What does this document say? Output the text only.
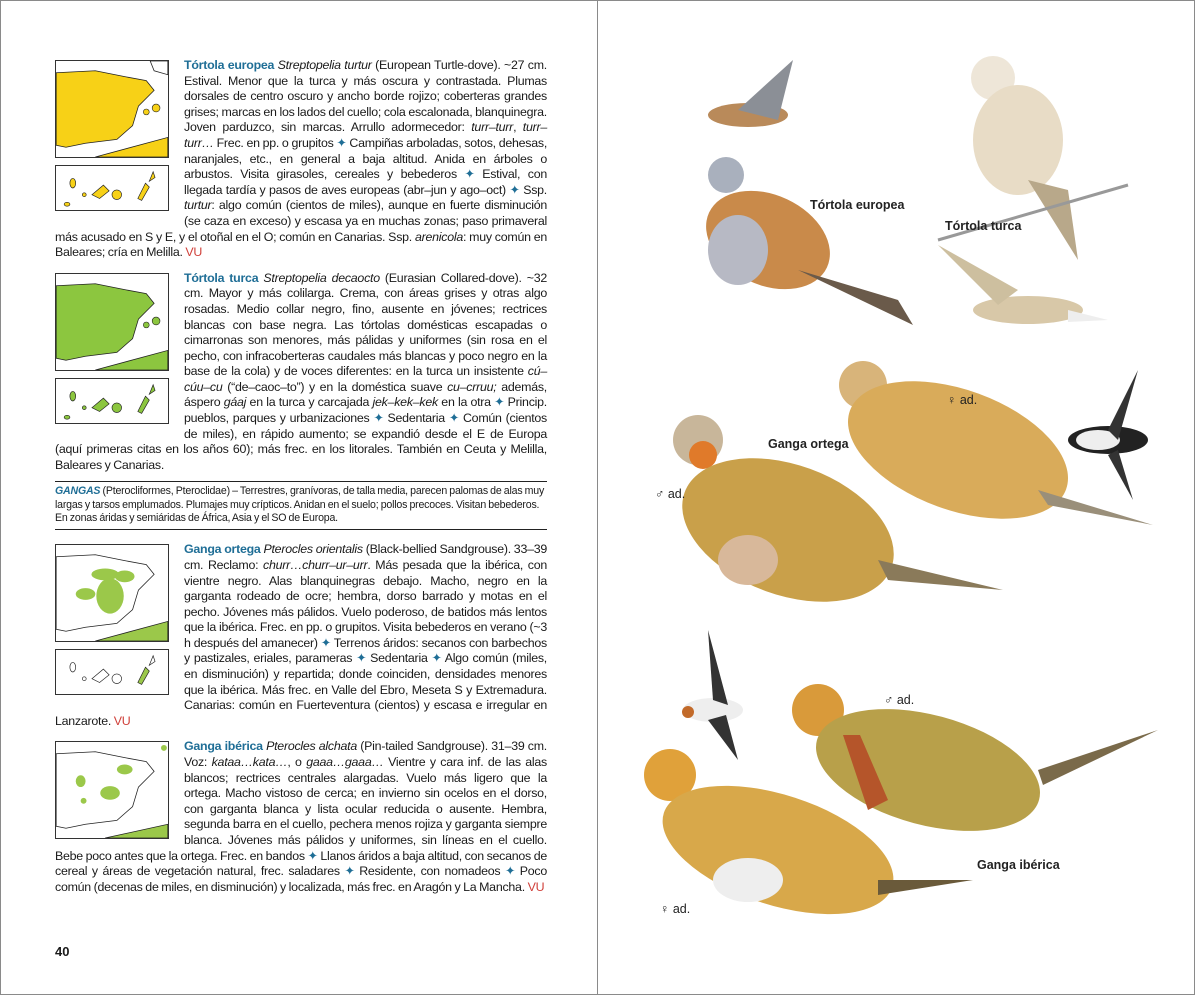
Tórtola europea Streptopelia turtur (European Turtle-dove). ~27 cm. Estival. Menor que la turca y más oscura y contrastada. Plumas dorsales de centro oscuro y ancho borde rojizo; coberteras grandes grises; marcas en los lados del cuello; cola escalonada, blanquinegra. Joven parduzco, sin marcas. Arrullo adormecedor: turr–turr, turr–turr… Frec. en pp. o grupitos ✦ Campiñas arboladas, sotos, dehesas, naranjales, etc., en general a baja altitud. Anida en árboles o arbustos. Visita girasoles, cereales y bebederos ✦ Estival, con llegada tardía y pasos de aves europeas (abr–jun y ago–oct) ✦ Ssp. turtur: algo común (cientos de miles), aunque en fuerte disminución (se caza en exceso) y escasa ya en muchas zonas; paso primaveral más acusado en S y E, y el otoñal en el O; común en Canarias. Ssp. arenicola: muy común en Baleares; cría en Melilla. VU
Tórtola turca Streptopelia decaocto (Eurasian Collared-dove). ~32 cm. Mayor y más colilarga. Crema, con áreas grises y otras algo rosadas. Medio collar negro, fino, ausente en jóvenes; rectrices blancas con base negra. Las tórtolas domésticas escapadas o cimarronas son menores, más pálidas y uniformes (sin rosa en el pecho, con infracoberteras caudales más blancas y poco negro en la base de la cola) y de voces diferentes: en la turca un insistente cú–cúu–cu (“de–caoc–to”) y en la doméstica suave cu–crruu; además, áspero gáaj en la turca y carcajada jek–kek–kek en la otra ✦ Princip. pueblos, parques y urbanizaciones ✦ Sedentaria ✦ Común (cientos de miles), en rápido aumento; se expandió desde el E de Europa (aquí primeras citas en los años 60); más frec. en los litorales. También en Ceuta y Melilla, Baleares y Canarias.
GANGAS (Pterocliformes, Pteroclidae) – Terrestres, granívoras, de talla media, parecen palomas de alas muy largas y tarsos emplumados. Plumajes muy crípticos. Anidan en el suelo; pollos precoces. Visitan bebederos. En zonas áridas y semiáridas de África, Asia y el SO de Europa.
Ganga ortega Pterocles orientalis (Black-bellied Sandgrouse). 33–39 cm. Reclamo: churr…churr–ur–urr. Más pesada que la ibérica, con vientre negro. Alas blanquinegras debajo. Macho, negro en la garganta rodeado de ocre; hembra, dorso barrado y motas en el pecho. Jóvenes más pálidos. Vuelo poderoso, de batidos más lentos que la ibérica. Frec. en pp. o grupitos. Visita bebederos en verano (~3 h después del amanecer) ✦ Terrenos áridos: secanos con barbechos y pastizales, eriales, parameras ✦ Sedentaria ✦ Algo común (miles, en disminución) y repartida; donde coinciden, densidades menores que la ibérica. Más frec. en Valle del Ebro, Meseta S y Extremadura. Canarias: común en Fuerteventura (cientos) y escasa e irregular en Lanzarote. VU
Ganga ibérica Pterocles alchata (Pin-tailed Sandgrouse). 31–39 cm. Voz: kataa…kata…, o gaaa…gaaa… Vientre y cara inf. de las alas blancos; rectrices centrales alargadas. Vuelo más ligero que la ortega. Macho vistoso de cerca; en invierno sin ocelos en el dorso, con garganta blanca y lista ocular reducida o ausente. Hembra, segunda barra en el cuello, pechera menos rojiza y garganta siempre blanca. Jóvenes más pálidos y uniformes, sin líneas en el cuello. Bebe poco antes que la ortega. Frec. en bandos ✦ Llanos áridos a baja altitud, con secanos de cereal y áreas de vegetación natural, frec. saladares ✦ Residente, con nomadeos ✦ Poco común (decenas de miles, en disminución) y localizada, más frec. en Aragón y La Mancha. VU
40
Tórtola europea
Tórtola turca
Ganga ortega
Ganga ibérica
♀ ad.
♂ ad.
♂ ad.
♀ ad.
